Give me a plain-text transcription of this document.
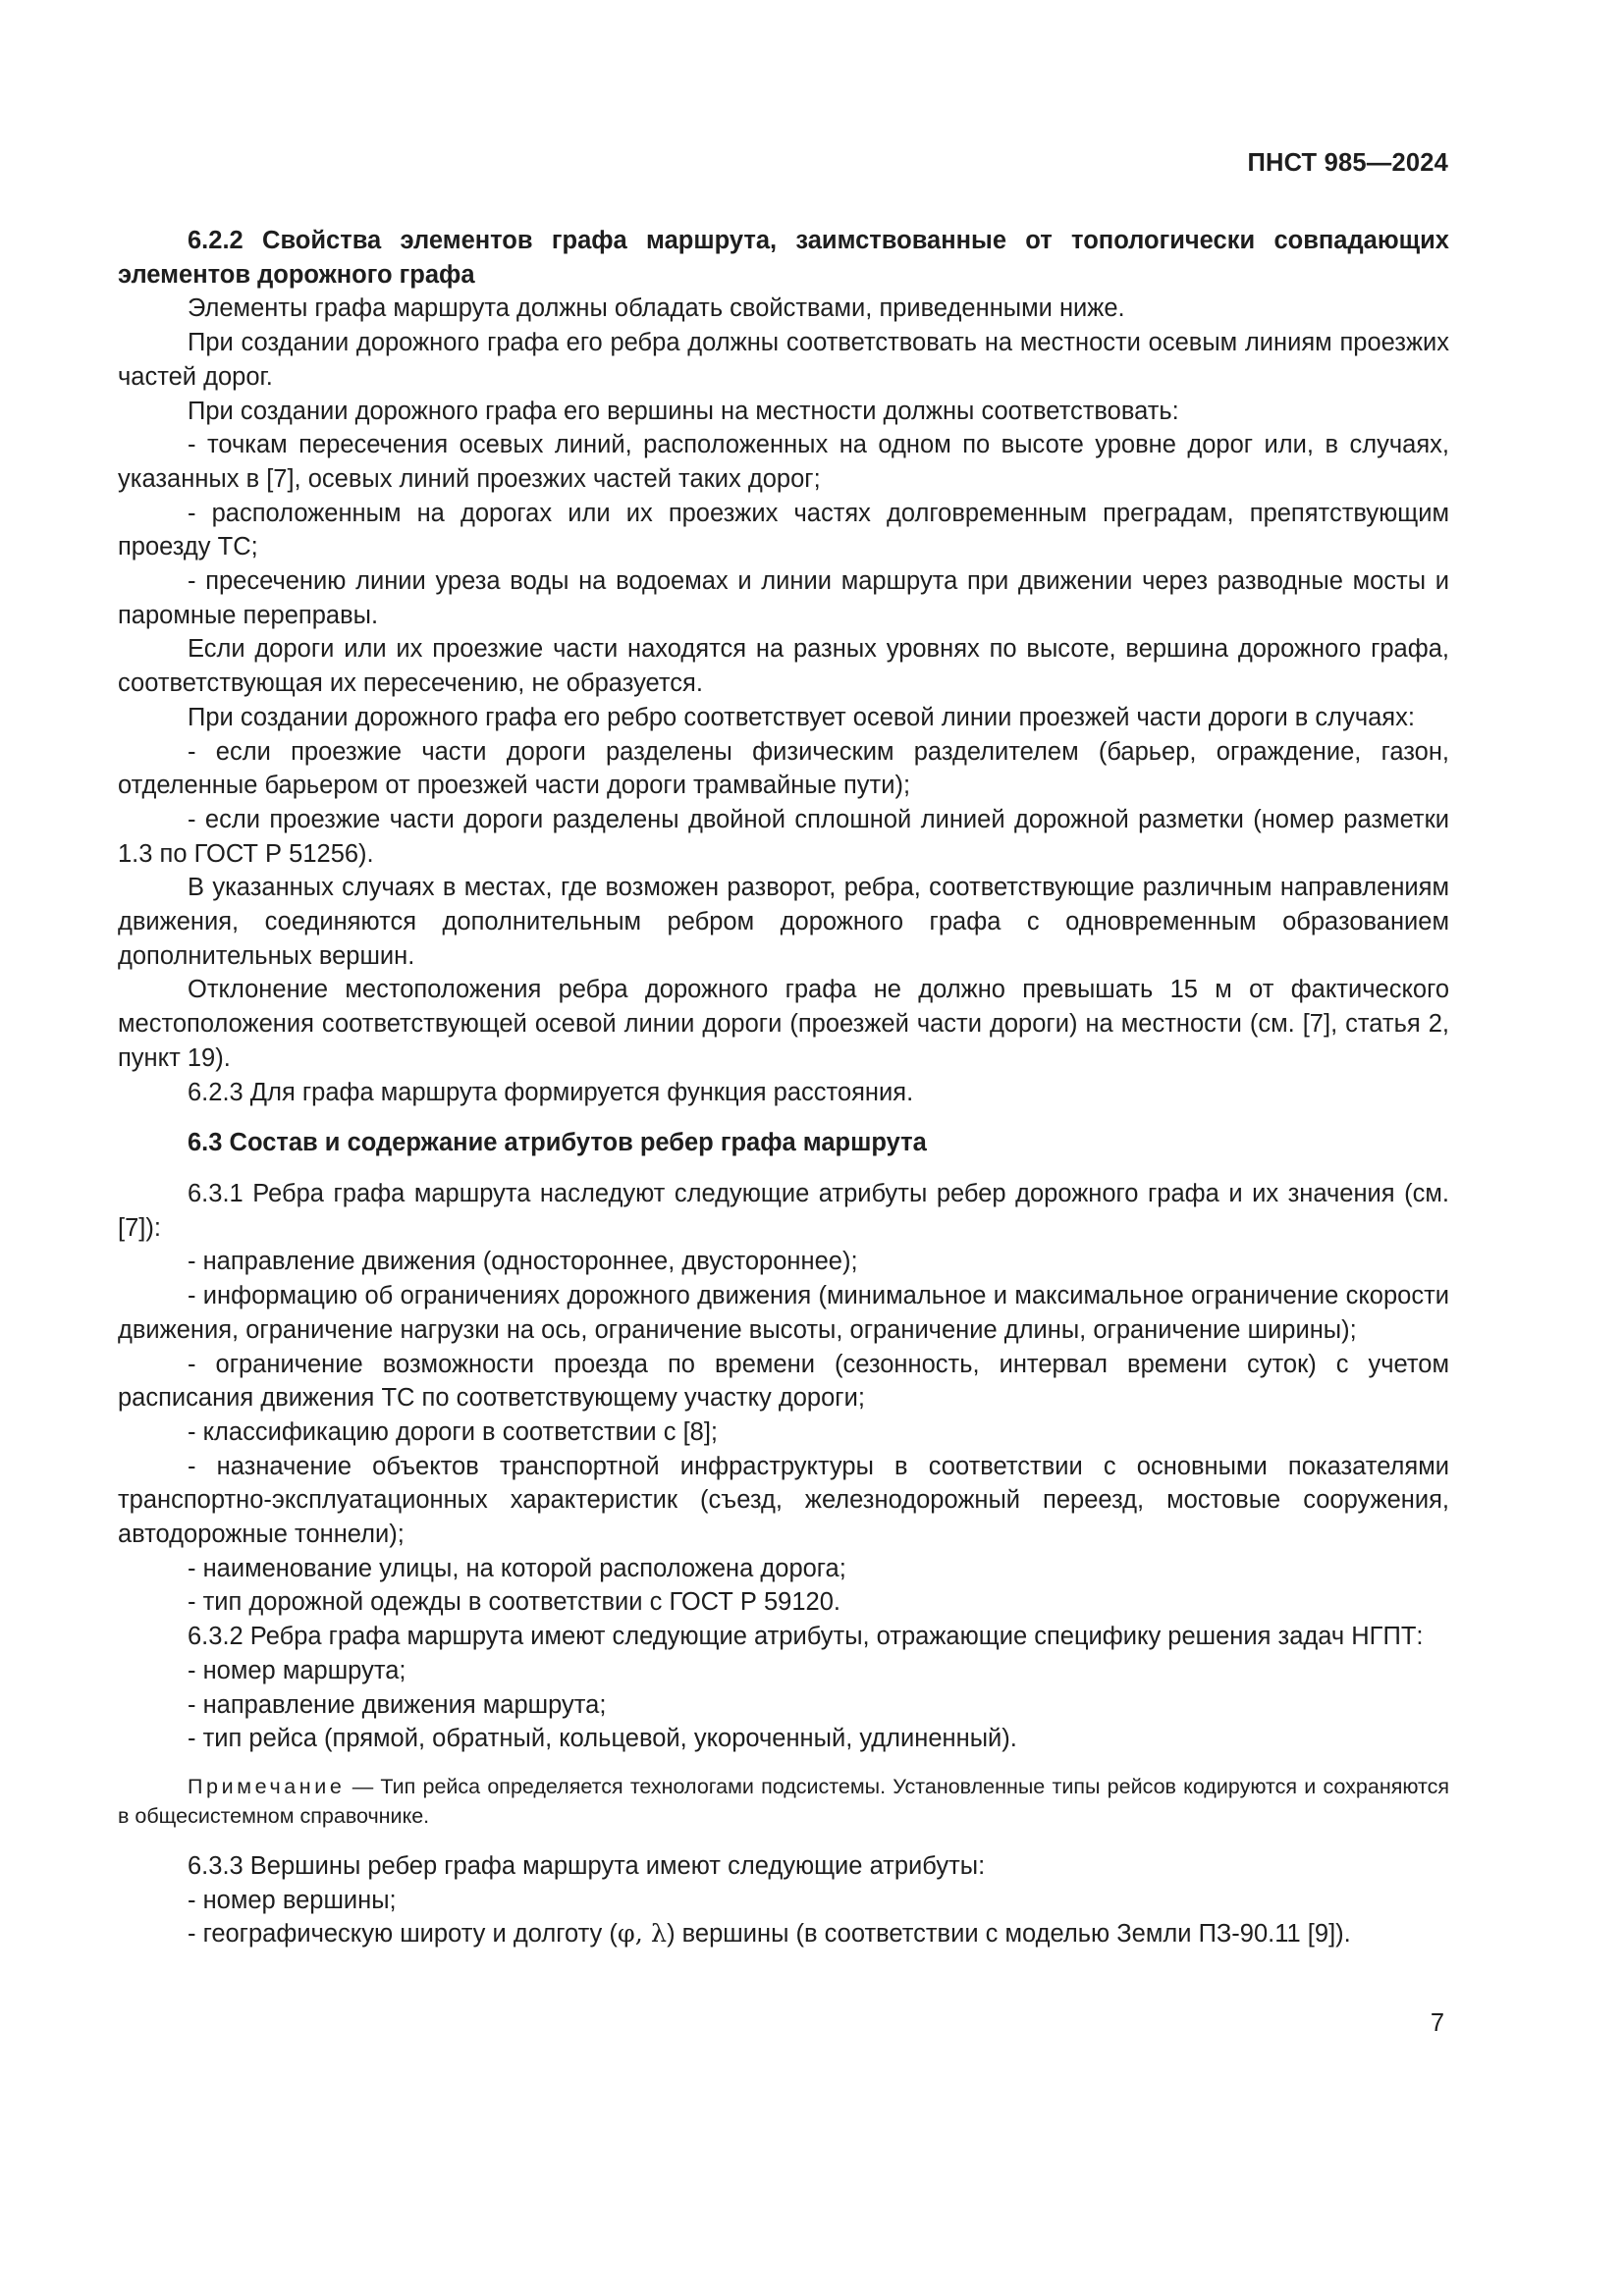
ПНСТ 985—2024

6.2.2 Свойства элементов графа маршрута, заимствованные от топологически совпадающих элементов дорожного графа

Элементы графа маршрута должны обладать свойствами, приведенными ниже.

При создании дорожного графа его ребра должны соответствовать на местности осевым линиям проезжих частей дорог.

При создании дорожного графа его вершины на местности должны соответствовать:

- точкам пересечения осевых линий, расположенных на одном по высоте уровне дорог или, в случаях, указанных в [7], осевых линий проезжих частей таких дорог;

- расположенным на дорогах или их проезжих частях долговременным преградам, препятствующим проезду ТС;

- пресечению линии уреза воды на водоемах и линии маршрута при движении через разводные мосты и паромные переправы.

Если дороги или их проезжие части находятся на разных уровнях по высоте, вершина дорожного графа, соответствующая их пересечению, не образуется.

При создании дорожного графа его ребро соответствует осевой линии проезжей части дороги в случаях:

- если проезжие части дороги разделены физическим разделителем (барьер, ограждение, газон, отделенные барьером от проезжей части дороги трамвайные пути);

- если проезжие части дороги разделены двойной сплошной линией дорожной разметки (номер разметки 1.3 по ГОСТ Р 51256).

В указанных случаях в местах, где возможен разворот, ребра, соответствующие различным направлениям движения, соединяются дополнительным ребром дорожного графа с одновременным образованием дополнительных вершин.

Отклонение местоположения ребра дорожного графа не должно превышать 15 м от фактического местоположения соответствующей осевой линии дороги (проезжей части дороги) на местности (см. [7], статья 2, пункт 19).

6.2.3 Для графа маршрута формируется функция расстояния.

6.3 Состав и содержание атрибутов ребер графа маршрута

6.3.1 Ребра графа маршрута наследуют следующие атрибуты ребер дорожного графа и их значения (см. [7]):

- направление движения (одностороннее, двустороннее);

- информацию об ограничениях дорожного движения (минимальное и максимальное ограничение скорости движения, ограничение нагрузки на ось, ограничение высоты, ограничение длины, ограничение ширины);

- ограничение возможности проезда по времени (сезонность, интервал времени суток) с учетом расписания движения ТС по соответствующему участку дороги;

- классификацию дороги в соответствии с [8];

- назначение объектов транспортной инфраструктуры в соответствии с основными показателями транспортно-эксплуатационных характеристик (съезд, железнодорожный переезд, мостовые сооружения, автодорожные тоннели);

- наименование улицы, на которой расположена дорога;

- тип дорожной одежды в соответствии с ГОСТ Р 59120.

6.3.2 Ребра графа маршрута имеют следующие атрибуты, отражающие специфику решения задач НГПТ:

- номер маршрута;

- направление движения маршрута;

- тип рейса (прямой, обратный, кольцевой, укороченный, удлиненный).

Примечание — Тип рейса определяется технологами подсистемы. Установленные типы рейсов кодируются и сохраняются в общесистемном справочнике.

6.3.3 Вершины ребер графа маршрута имеют следующие атрибуты:

- номер вершины;

- географическую широту и долготу (φ, λ) вершины (в соответствии с моделью Земли ПЗ-90.11 [9]).

7
